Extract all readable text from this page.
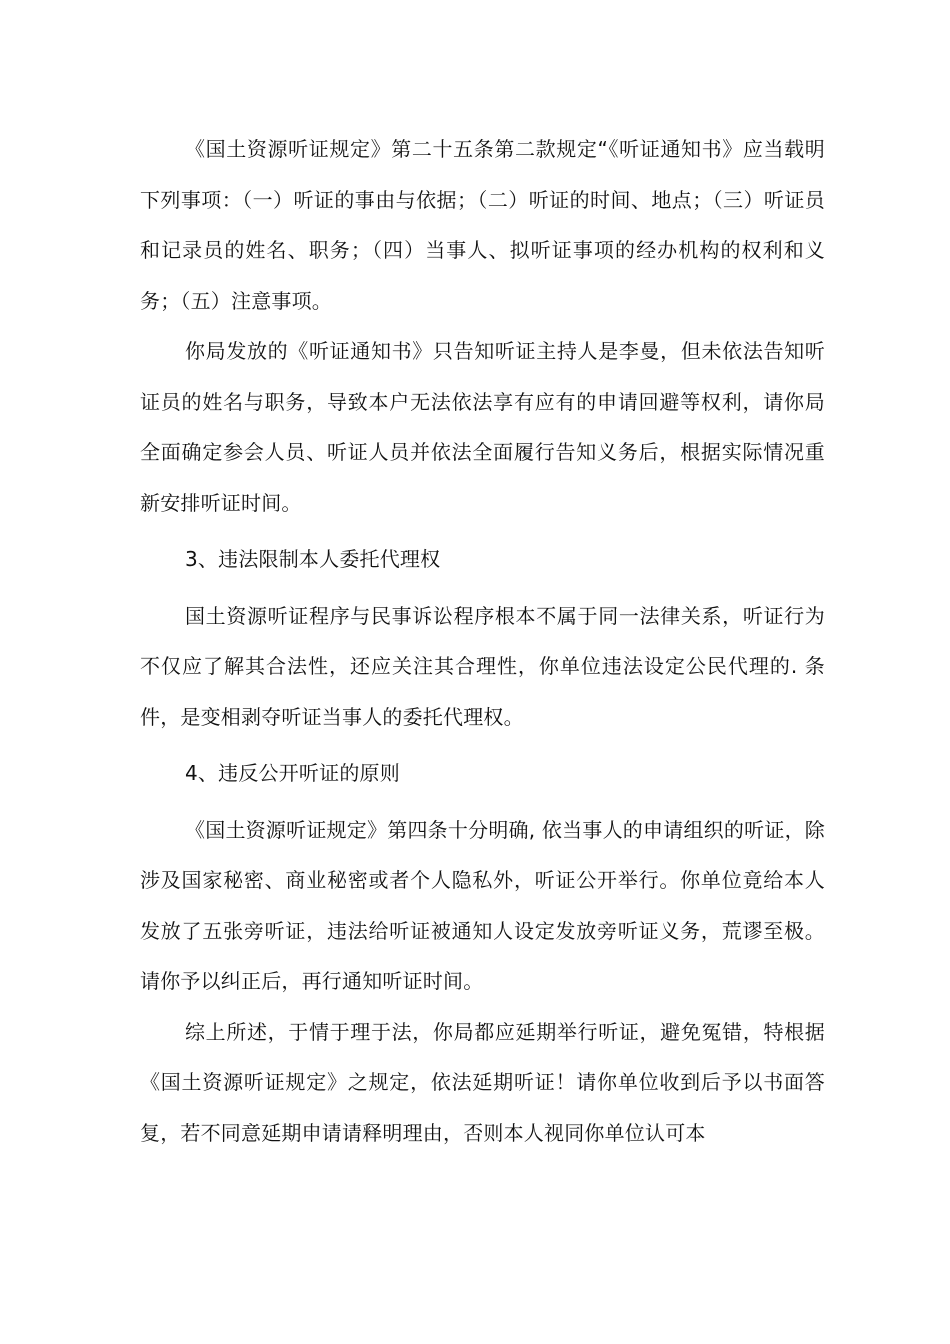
《国土资源听证规定》第二十五条第二款规定“《听证通知书》应当载明下列事项：（一）听证的事由与依据；（二）听证的时间、地点；（三）听证员和记录员的姓名、职务；（四）当事人、拟听证事项的经办机构的权利和义务；（五）注意事项。

你局发放的《听证通知书》只告知听证主持人是李曼，但未依法告知听证员的姓名与职务，导致本户无法依法享有应有的申请回避等权利，请你局全面确定参会人员、听证人员并依法全面履行告知义务后，根据实际情况重新安排听证时间。

3、违法限制本人委托代理权

国土资源听证程序与民事诉讼程序根本不属于同一法律关系，听证行为不仅应了解其合法性，还应关注其合理性，你单位违法设定公民代理的. 条件，是变相剥夺听证当事人的委托代理权。

4、违反公开听证的原则

《国土资源听证规定》第四条十分明确, 依当事人的申请组织的听证，除涉及国家秘密、商业秘密或者个人隐私外，听证公开举行。你单位竟给本人发放了五张旁听证，违法给听证被通知人设定发放旁听证义务，荒谬至极。请你予以纠正后，再行通知听证时间。

综上所述，于情于理于法，你局都应延期举行听证，避免冤错，特根据《国土资源听证规定》之规定，依法延期听证！请你单位收到后予以书面答复，若不同意延期申请请释明理由，否则本人视同你单位认可本
